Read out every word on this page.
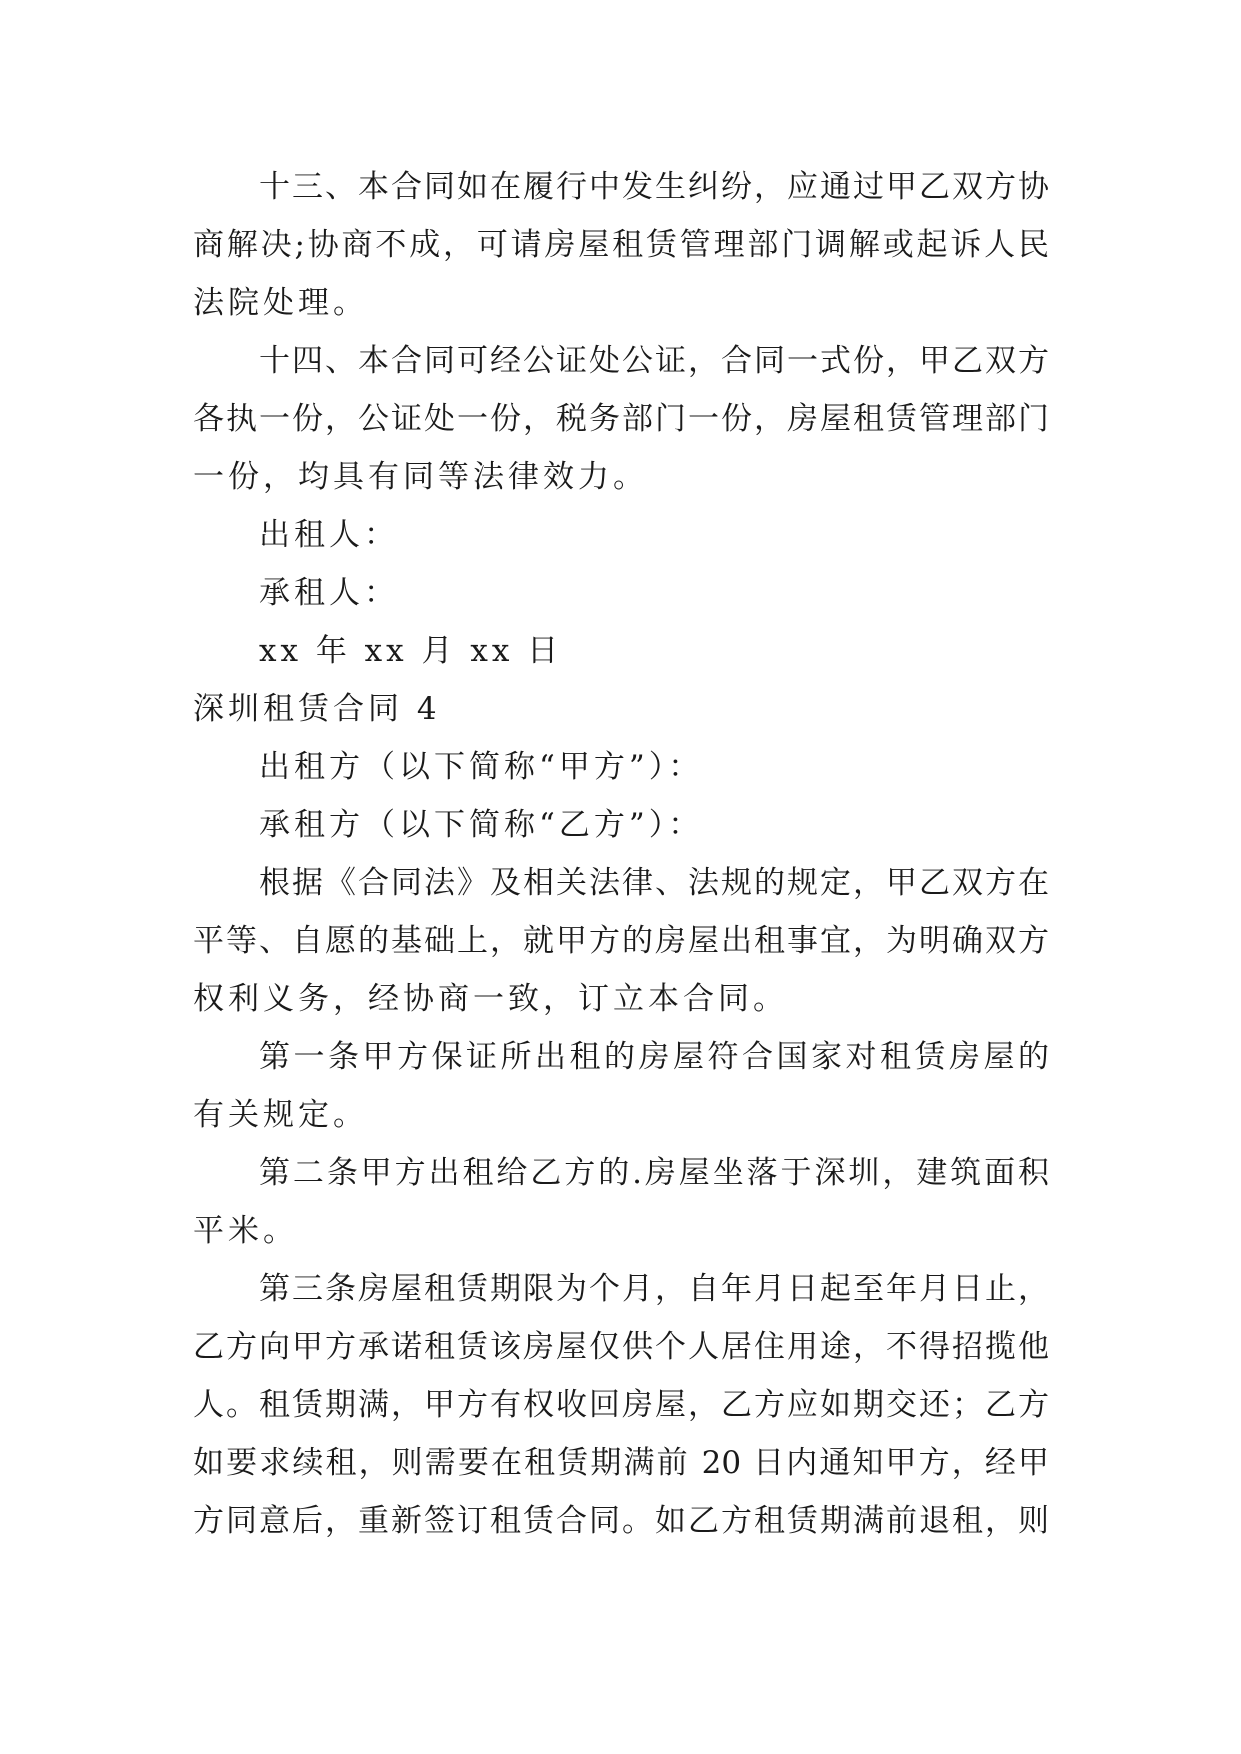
十三、本合同如在履行中发生纠纷，应通过甲乙双方协
商解决;协商不成，可请房屋租赁管理部门调解或起诉人民
法院处理。
十四、本合同可经公证处公证，合同一式份，甲乙双方
各执一份，公证处一份，税务部门一份，房屋租赁管理部门
一份，均具有同等法律效力。
出租人：
承租人：
xx 年 xx 月 xx 日
深圳租赁合同 4
出租方（以下简称“甲方”）：
承租方（以下简称“乙方”）：
根据《合同法》及相关法律、法规的规定，甲乙双方在
平等、自愿的基础上，就甲方的房屋出租事宜，为明确双方
权利义务，经协商一致，订立本合同。
第一条甲方保证所出租的房屋符合国家对租赁房屋的
有关规定。
第二条甲方出租给乙方的.房屋坐落于深圳，建筑面积
平米。
第三条房屋租赁期限为个月，自年月日起至年月日止，
乙方向甲方承诺租赁该房屋仅供个人居住用途，不得招揽他
人。租赁期满，甲方有权收回房屋，乙方应如期交还；乙方
如要求续租，则需要在租赁期满前 20 日内通知甲方，经甲
方同意后，重新签订租赁合同。如乙方租赁期满前退租，则
